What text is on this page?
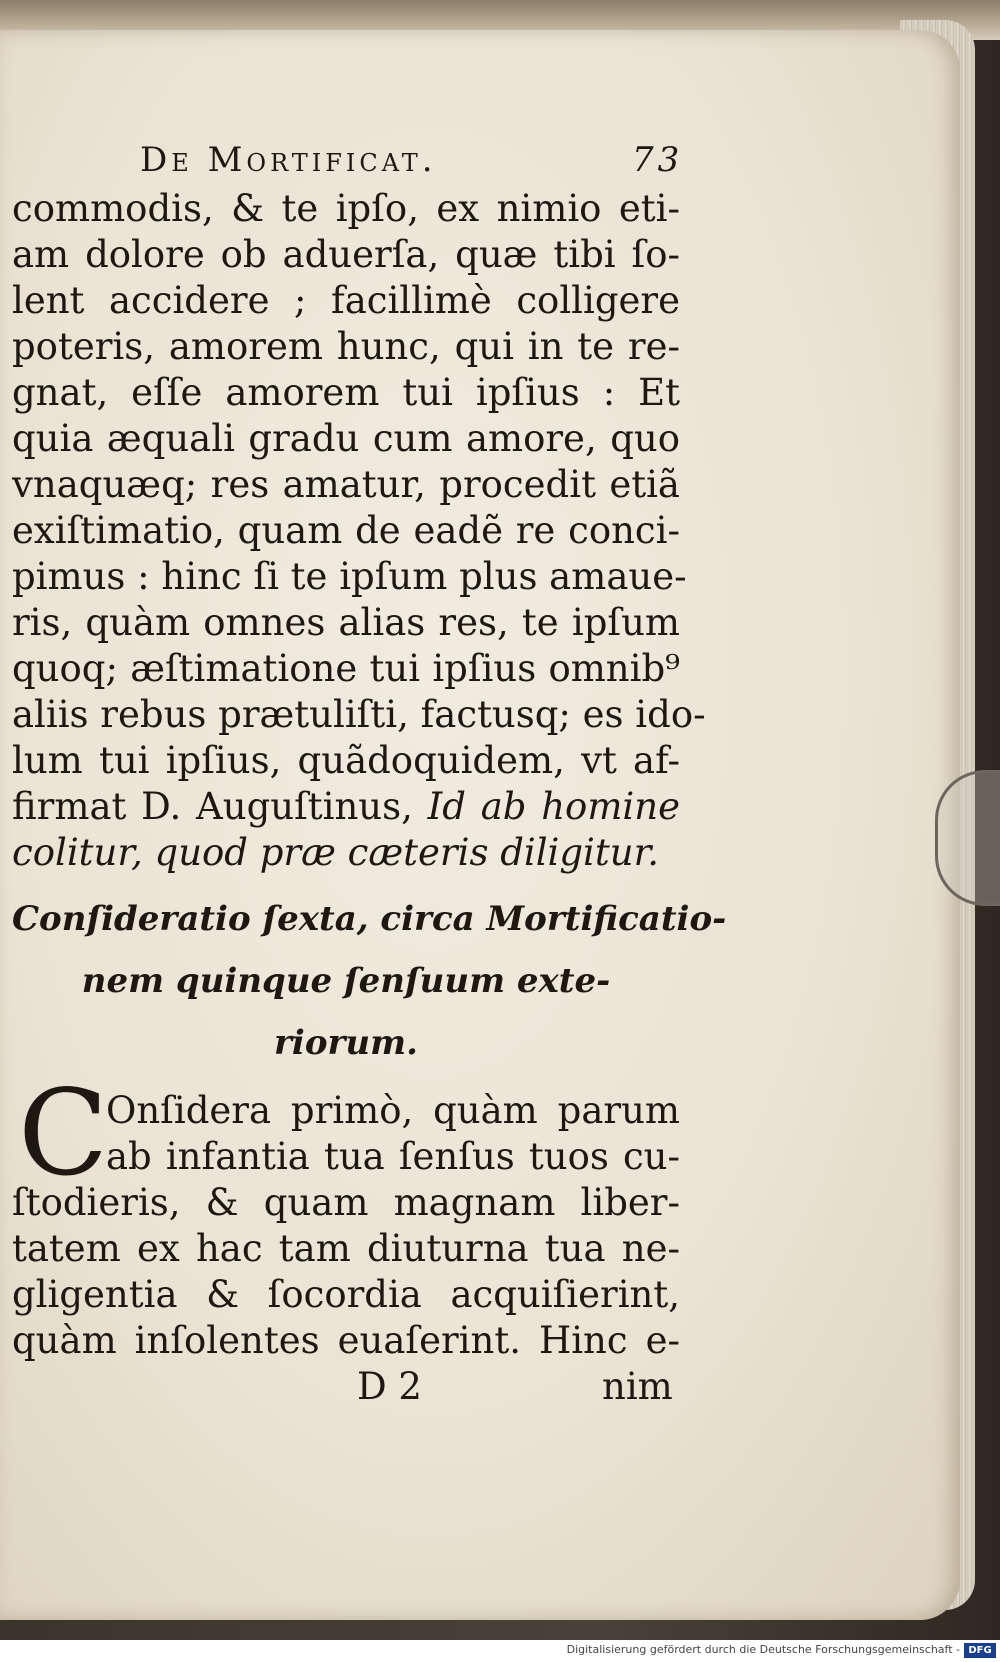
De Mortificat.	73
commodis, & te ipſo, ex nimio eti-
am dolore ob aduerſa, quæ tibi ſo-
lent accidere ; facillimè colligere
poteris, amorem hunc, qui in te re-
gnat, eſſe amorem tui ipſius : Et
quia æquali gradu cum amore, quo
vnaquæq; res amatur, procedit etiã
exiſtimatio, quam de eadẽ re conci-
pimus : hinc ſi te ipſum plus amaue-
ris, quàm omnes alias res, te ipſum
quoq; æſtimatione tui ipſius omnib⁹
aliis rebus prætuliſti, factusq; es ido-
lum tui ipſius, quãdoquidem, vt af-
firmat D. Auguſtinus, Id ab homine
colitur, quod præ cæteris diligitur.
Conſideratio ſexta, circa Mortificatio-
nem quinque ſenſuum exte-
riorum.
C
Onſidera primò, quàm parum
ab infantia tua ſenſus tuos cu-
ſtodieris, & quam magnam liber-
tatem ex hac tam diuturna tua ne-
gligentia & ſocordia acquiſierint,
quàm inſolentes euaſerint. Hinc e-
D 2	nim
Digitalisierung gefördert durch die Deutsche Forschungsgemeinschaft - DFG
